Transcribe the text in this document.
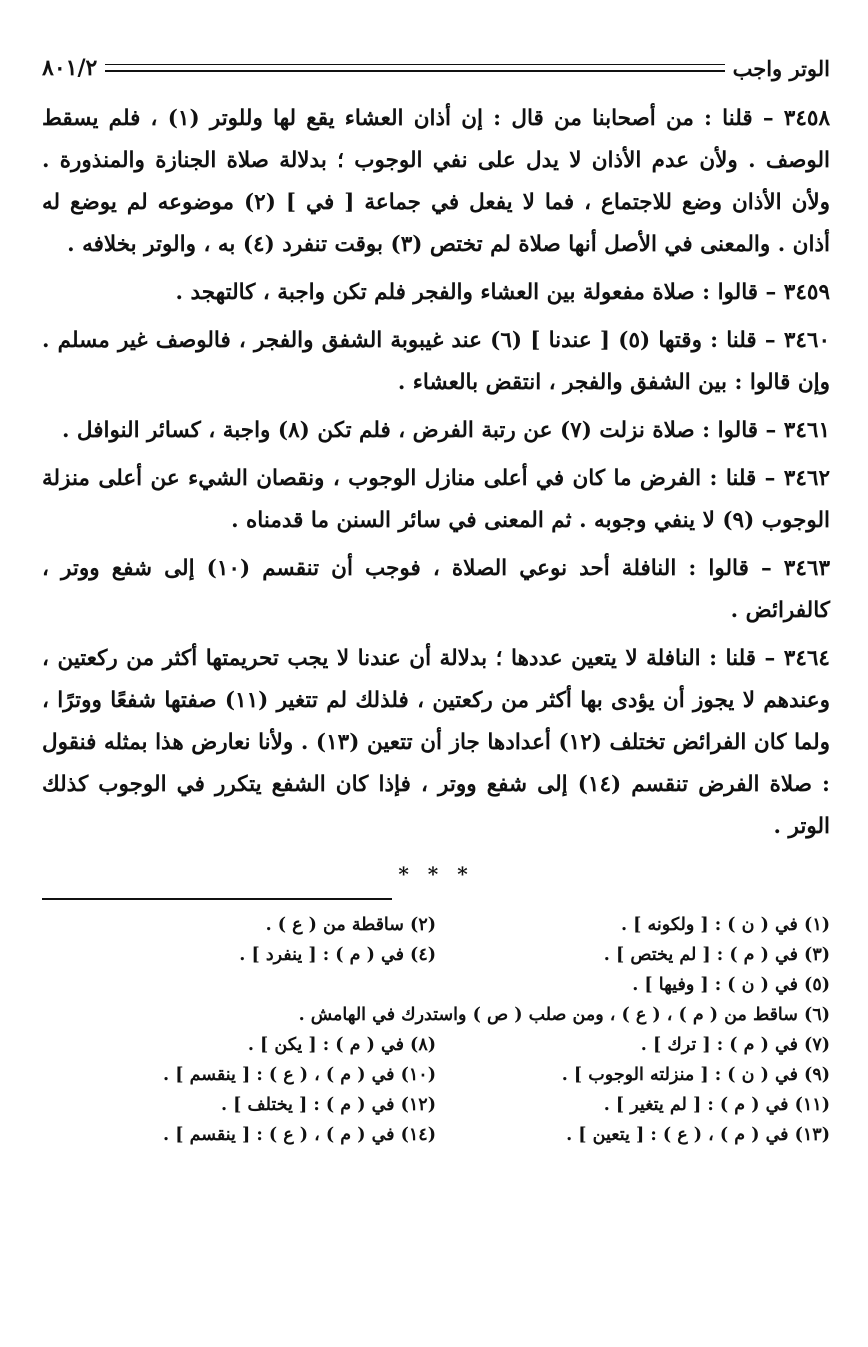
الوتر واجب
٨٠١/٢

٣٤٥٨ – قلنا : من أصحابنا من قال : إن أذان العشاء يقع لها وللوتر (١) ، فلم يسقط الوصف . ولأن عدم الأذان لا يدل على نفي الوجوب ؛ بدلالة صلاة الجنازة والمنذورة . ولأن الأذان وضع للاجتماع ، فما لا يفعل في جماعة [ في ] (٢) موضوعه لم يوضع له أذان . والمعنى في الأصل أنها صلاة لم تختص (٣) بوقت تنفرد (٤) به ، والوتر بخلافه .

٣٤٥٩ – قالوا : صلاة مفعولة بين العشاء والفجر فلم تكن واجبة ، كالتهجد .

٣٤٦٠ – قلنا : وقتها (٥) [ عندنا ] (٦) عند غيبوبة الشفق والفجر ، فالوصف غير مسلم . وإن قالوا : بين الشفق والفجر ، انتقض بالعشاء .

٣٤٦١ – قالوا : صلاة نزلت (٧) عن رتبة الفرض ، فلم تكن (٨) واجبة ، كسائر النوافل .

٣٤٦٢ – قلنا : الفرض ما كان في أعلى منازل الوجوب ، ونقصان الشيء عن أعلى منزلة الوجوب (٩) لا ينفي وجوبه . ثم المعنى في سائر السنن ما قدمناه .

٣٤٦٣ – قالوا : النافلة أحد نوعي الصلاة ، فوجب أن تنقسم (١٠) إلى شفع ووتر ، كالفرائض .

٣٤٦٤ – قلنا : النافلة لا يتعين عددها ؛ بدلالة أن عندنا لا يجب تحريمتها أكثر من ركعتين ، وعندهم لا يجوز أن يؤدى بها أكثر من ركعتين ، فلذلك لم تتغير (١١) صفتها شفعًا ووترًا ، ولما كان الفرائض تختلف (١٢) أعدادها جاز أن تتعين (١٣) . ولأنا نعارض هذا بمثله فنقول : صلاة الفرض تنقسم (١٤) إلى شفع ووتر ، فإذا كان الشفع يتكرر في الوجوب كذلك الوتر .

* * *
(١) في ( ن ) : [ ولكونه ] .
(٢) ساقطة من ( ع ) .
(٣) في ( م ) : [ لم يختص ] .
(٤) في ( م ) : [ ينفرد ] .
(٥) في ( ن ) : [ وفيها ] .
(٦) ساقط من ( م ) ، ( ع ) ، ومن صلب ( ص ) واستدرك في الهامش .
(٧) في ( م ) : [ ترك ] .
(٨) في ( م ) : [ يكن ] .
(٩) في ( ن ) : [ منزلته الوجوب ] .
(١٠) في ( م ) ، ( ع ) : [ ينقسم ] .
(١١) في ( م ) : [ لم يتغير ] .
(١٢) في ( م ) : [ يختلف ] .
(١٣) في ( م ) ، ( ع ) : [ يتعين ] .
(١٤) في ( م ) ، ( ع ) : [ ينقسم ] .
